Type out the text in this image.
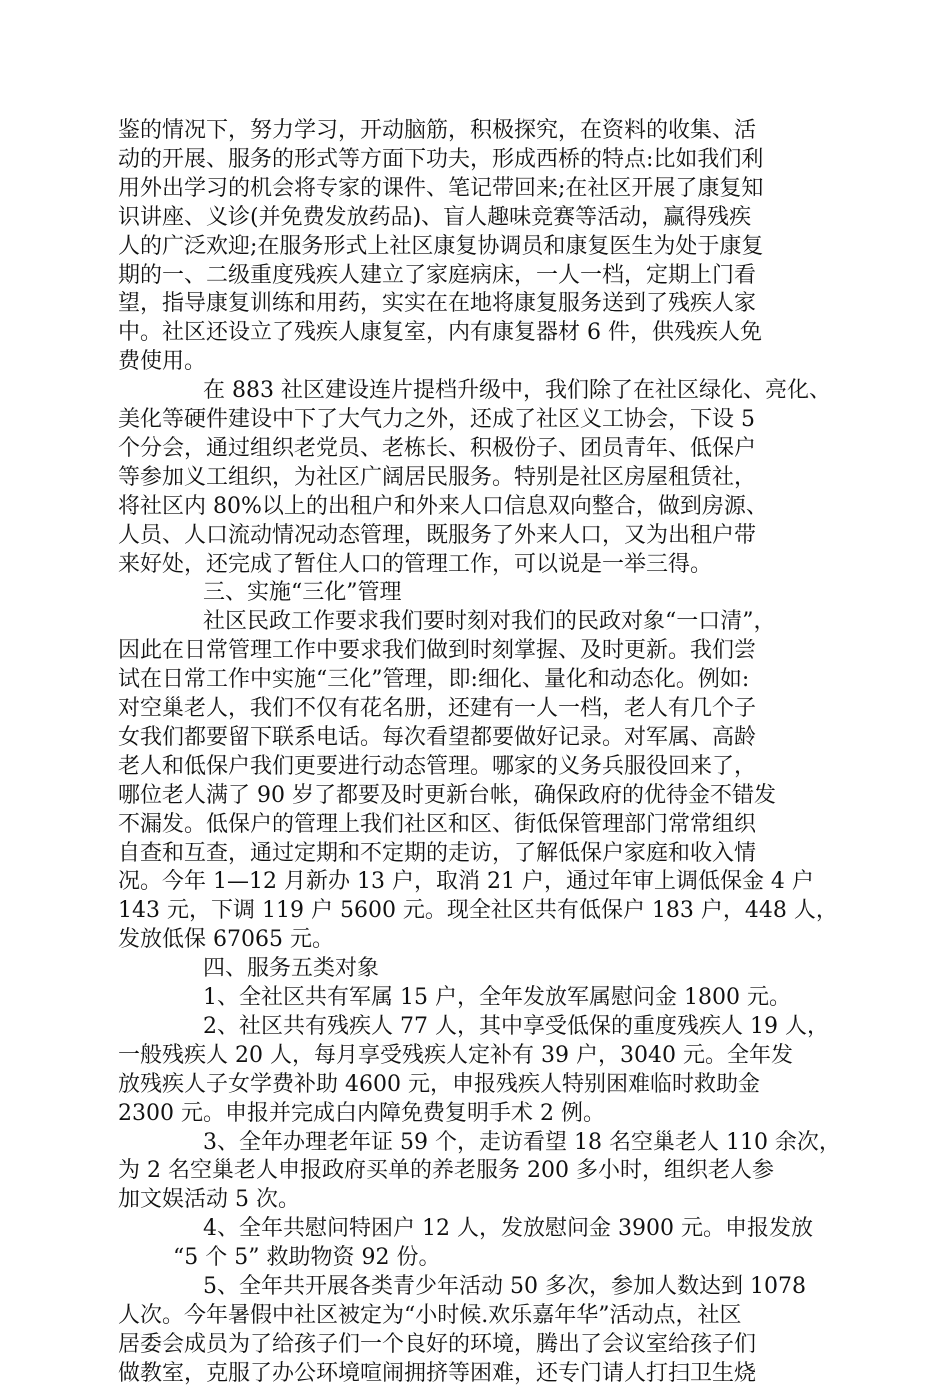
鉴的情况下，努力学习，开动脑筋，积极探究，在资料的收集、活
动的开展、服务的形式等方面下功夫，形成西桥的特点:比如我们利
用外出学习的机会将专家的课件、笔记带回来;在社区开展了康复知
识讲座、义诊(并免费发放药品)、盲人趣味竞赛等活动，赢得残疾
人的广泛欢迎;在服务形式上社区康复协调员和康复医生为处于康复
期的一、二级重度残疾人建立了家庭病床，一人一档，定期上门看
望，指导康复训练和用药，实实在在地将康复服务送到了残疾人家
中。社区还设立了残疾人康复室，内有康复器材 6 件，供残疾人免
费使用。
在 883 社区建设连片提档升级中，我们除了在社区绿化、亮化、
美化等硬件建设中下了大气力之外，还成了社区义工协会，下设 5
个分会，通过组织老党员、老栋长、积极份子、团员青年、低保户
等参加义工组织，为社区广阔居民服务。特别是社区房屋租赁社，
将社区内 80%以上的出租户和外来人口信息双向整合，做到房源、
人员、人口流动情况动态管理，既服务了外来人口，又为出租户带
来好处，还完成了暂住人口的管理工作，可以说是一举三得。
三、实施“三化”管理
社区民政工作要求我们要时刻对我们的民政对象“一口清”，
因此在日常管理工作中要求我们做到时刻掌握、及时更新。我们尝
试在日常工作中实施“三化”管理，即:细化、量化和动态化。例如:
对空巢老人，我们不仅有花名册，还建有一人一档，老人有几个子
女我们都要留下联系电话。每次看望都要做好记录。对军属、高龄
老人和低保户我们更要进行动态管理。哪家的义务兵服役回来了，
哪位老人满了 90 岁了都要及时更新台帐，确保政府的优待金不错发
不漏发。低保户的管理上我们社区和区、街低保管理部门常常组织
自查和互查，通过定期和不定期的走访，了解低保户家庭和收入情
况。今年 1—12 月新办 13 户，取消 21 户，通过年审上调低保金 4 户
143 元，下调 119 户 5600 元。现全社区共有低保户 183 户，448 人，
发放低保 67065 元。
四、服务五类对象
1、全社区共有军属 15 户，全年发放军属慰问金 1800 元。
2、社区共有残疾人 77 人，其中享受低保的重度残疾人 19 人，
一般残疾人 20 人，每月享受残疾人定补有 39 户，3040 元。全年发
放残疾人子女学费补助 4600 元，申报残疾人特别困难临时救助金
2300 元。申报并完成白内障免费复明手术 2 例。
3、全年办理老年证 59 个，走访看望 18 名空巢老人 110 余次，
为 2 名空巢老人申报政府买单的养老服务 200 多小时，组织老人参
加文娱活动 5 次。
4、全年共慰问特困户 12 人，发放慰问金 3900 元。申报发放
“5 个 5” 救助物资 92 份。
5、全年共开展各类青少年活动 50 多次，参加人数达到 1078
人次。今年暑假中社区被定为“小时候.欢乐嘉年华”活动点，社区
居委会成员为了给孩子们一个良好的环境，腾出了会议室给孩子们
做教室，克服了办公环境喧闹拥挤等困难，还专门请人打扫卫生烧
